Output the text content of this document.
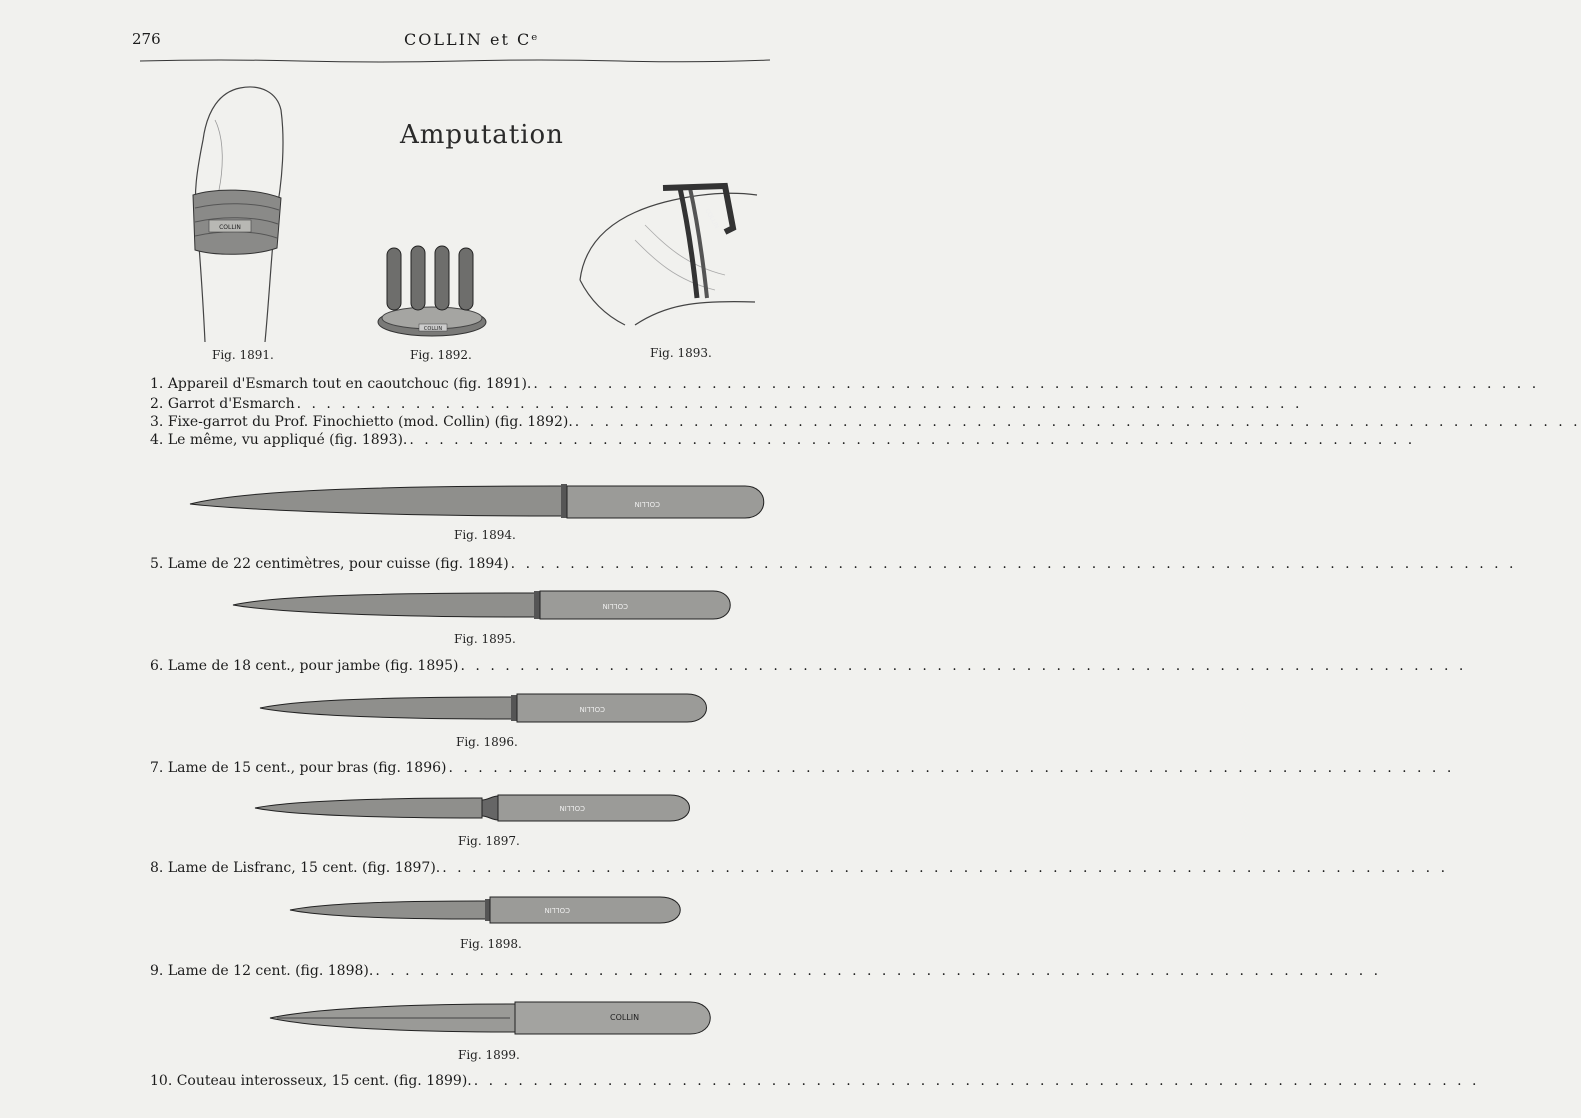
276	COLLIN et Cᵉ
Amputation
COLLIN
Fig. 1891.
COLLIN
Fig. 1892.
COLLIN
Fig. 1893.
1. Appareil d'Esmarch tout en caoutchouc (fig. 1891). . . . . . . . . . . . . . . . . . . . . . . . . . . . . . . . . . . . . . . . . . . . . . . . . . . . . . . . . . . . . . . . . . . . .
2. Garrot d'Esmarch . . . . . . . . . . . . . . . . . . . . . . . . . . . . . . . . . . . . . . . . . . . . . . . . . . . . . . . . . . . . . . . . . . . .
3. Fixe-garrot du Prof. Finochietto (mod. Collin) (fig. 1892). . . . . . . . . . . . . . . . . . . . . . . . . . . . . . . . . . . . . . . . . . . . . . . . . . . . . . . . . . . . . . . . . . . . .
4. Le même, vu appliqué (fig. 1893). . . . . . . . . . . . . . . . . . . . . . . . . . . . . . . . . . . . . . . . . . . . . . . . . . . . . . . . . . . . . . . . . . . . .
COLLIN
Fig. 1894.
5. Lame de 22 centimètres, pour cuisse (fig. 1894) . . . . . . . . . . . . . . . . . . . . . . . . . . . . . . . . . . . . . . . . . . . . . . . . . . . . . . . . . . . . . . . . . . . .
COLLIN
Fig. 1895.
6. Lame de 18 cent., pour jambe (fig. 1895) . . . . . . . . . . . . . . . . . . . . . . . . . . . . . . . . . . . . . . . . . . . . . . . . . . . . . . . . . . . . . . . . . . . .
COLLIN
Fig. 1896.
7. Lame de 15 cent., pour bras (fig. 1896) . . . . . . . . . . . . . . . . . . . . . . . . . . . . . . . . . . . . . . . . . . . . . . . . . . . . . . . . . . . . . . . . . . . .
COLLIN
Fig. 1897.
8. Lame de Lisfranc, 15 cent. (fig. 1897). . . . . . . . . . . . . . . . . . . . . . . . . . . . . . . . . . . . . . . . . . . . . . . . . . . . . . . . . . . . . . . . . . . . .
COLLIN
Fig. 1898.
9. Lame de 12 cent. (fig. 1898). . . . . . . . . . . . . . . . . . . . . . . . . . . . . . . . . . . . . . . . . . . . . . . . . . . . . . . . . . . . . . . . . . . . .
COLLIN
Fig. 1899.
10. Couteau interosseux, 15 cent. (fig. 1899). . . . . . . . . . . . . . . . . . . . . . . . . . . . . . . . . . . . . . . . . . . . . . . . . . . . . . . . . . . . . . . . . . . . .
